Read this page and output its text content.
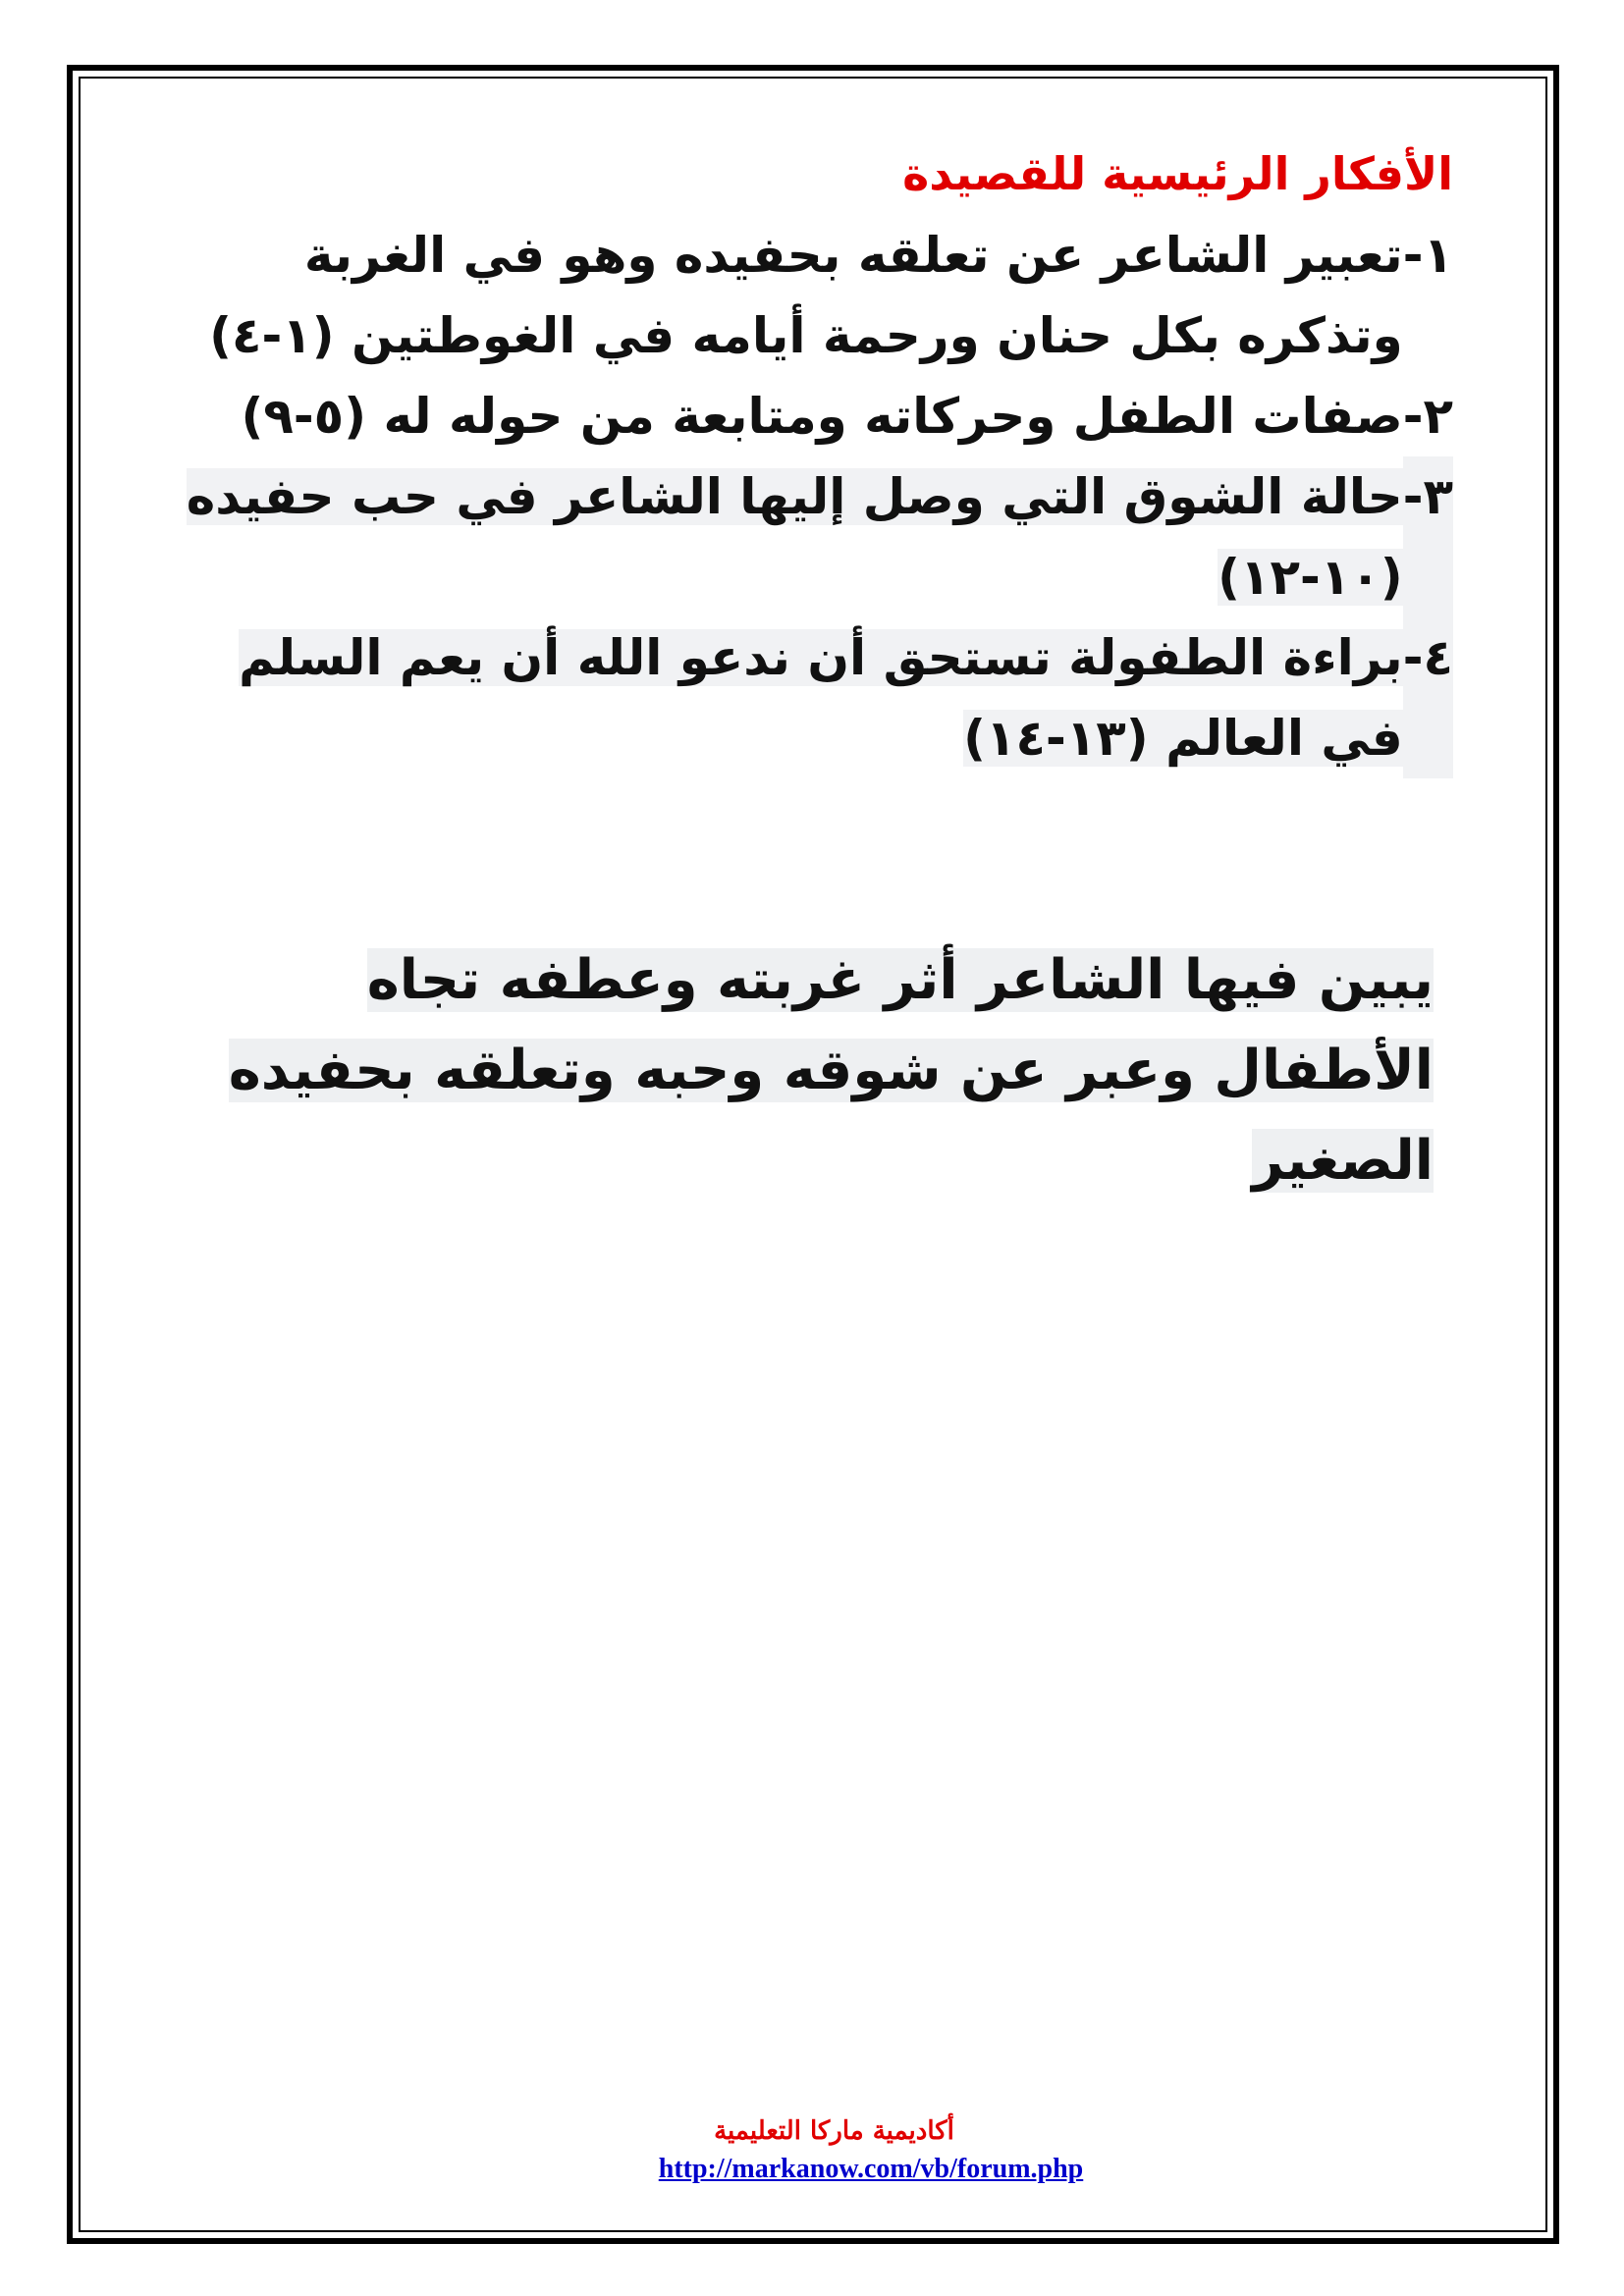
الأفكار الرئيسية للقصيدة
١-
تعبير الشاعر عن تعلقه بحفيده وهو في الغربة وتذكره بكل حنان ورحمة أيامه في الغوطتين (١-٤)
٢-
صفات الطفل وحركاته ومتابعة من حوله له (٥-٩)
٣-
حالة الشوق التي وصل إليها الشاعر في حب حفيده (١٠-١٢)
٤-
براءة الطفولة تستحق أن ندعو الله أن يعم السلم في العالم (١٣-١٤)

يبين فيها الشاعر أثر غربته وعطفه تجاه الأطفال وعبر عن شوقه وحبه وتعلقه بحفيده الصغير

أكاديمية ماركا التعليمية
http://markanow.com/vb/forum.php
